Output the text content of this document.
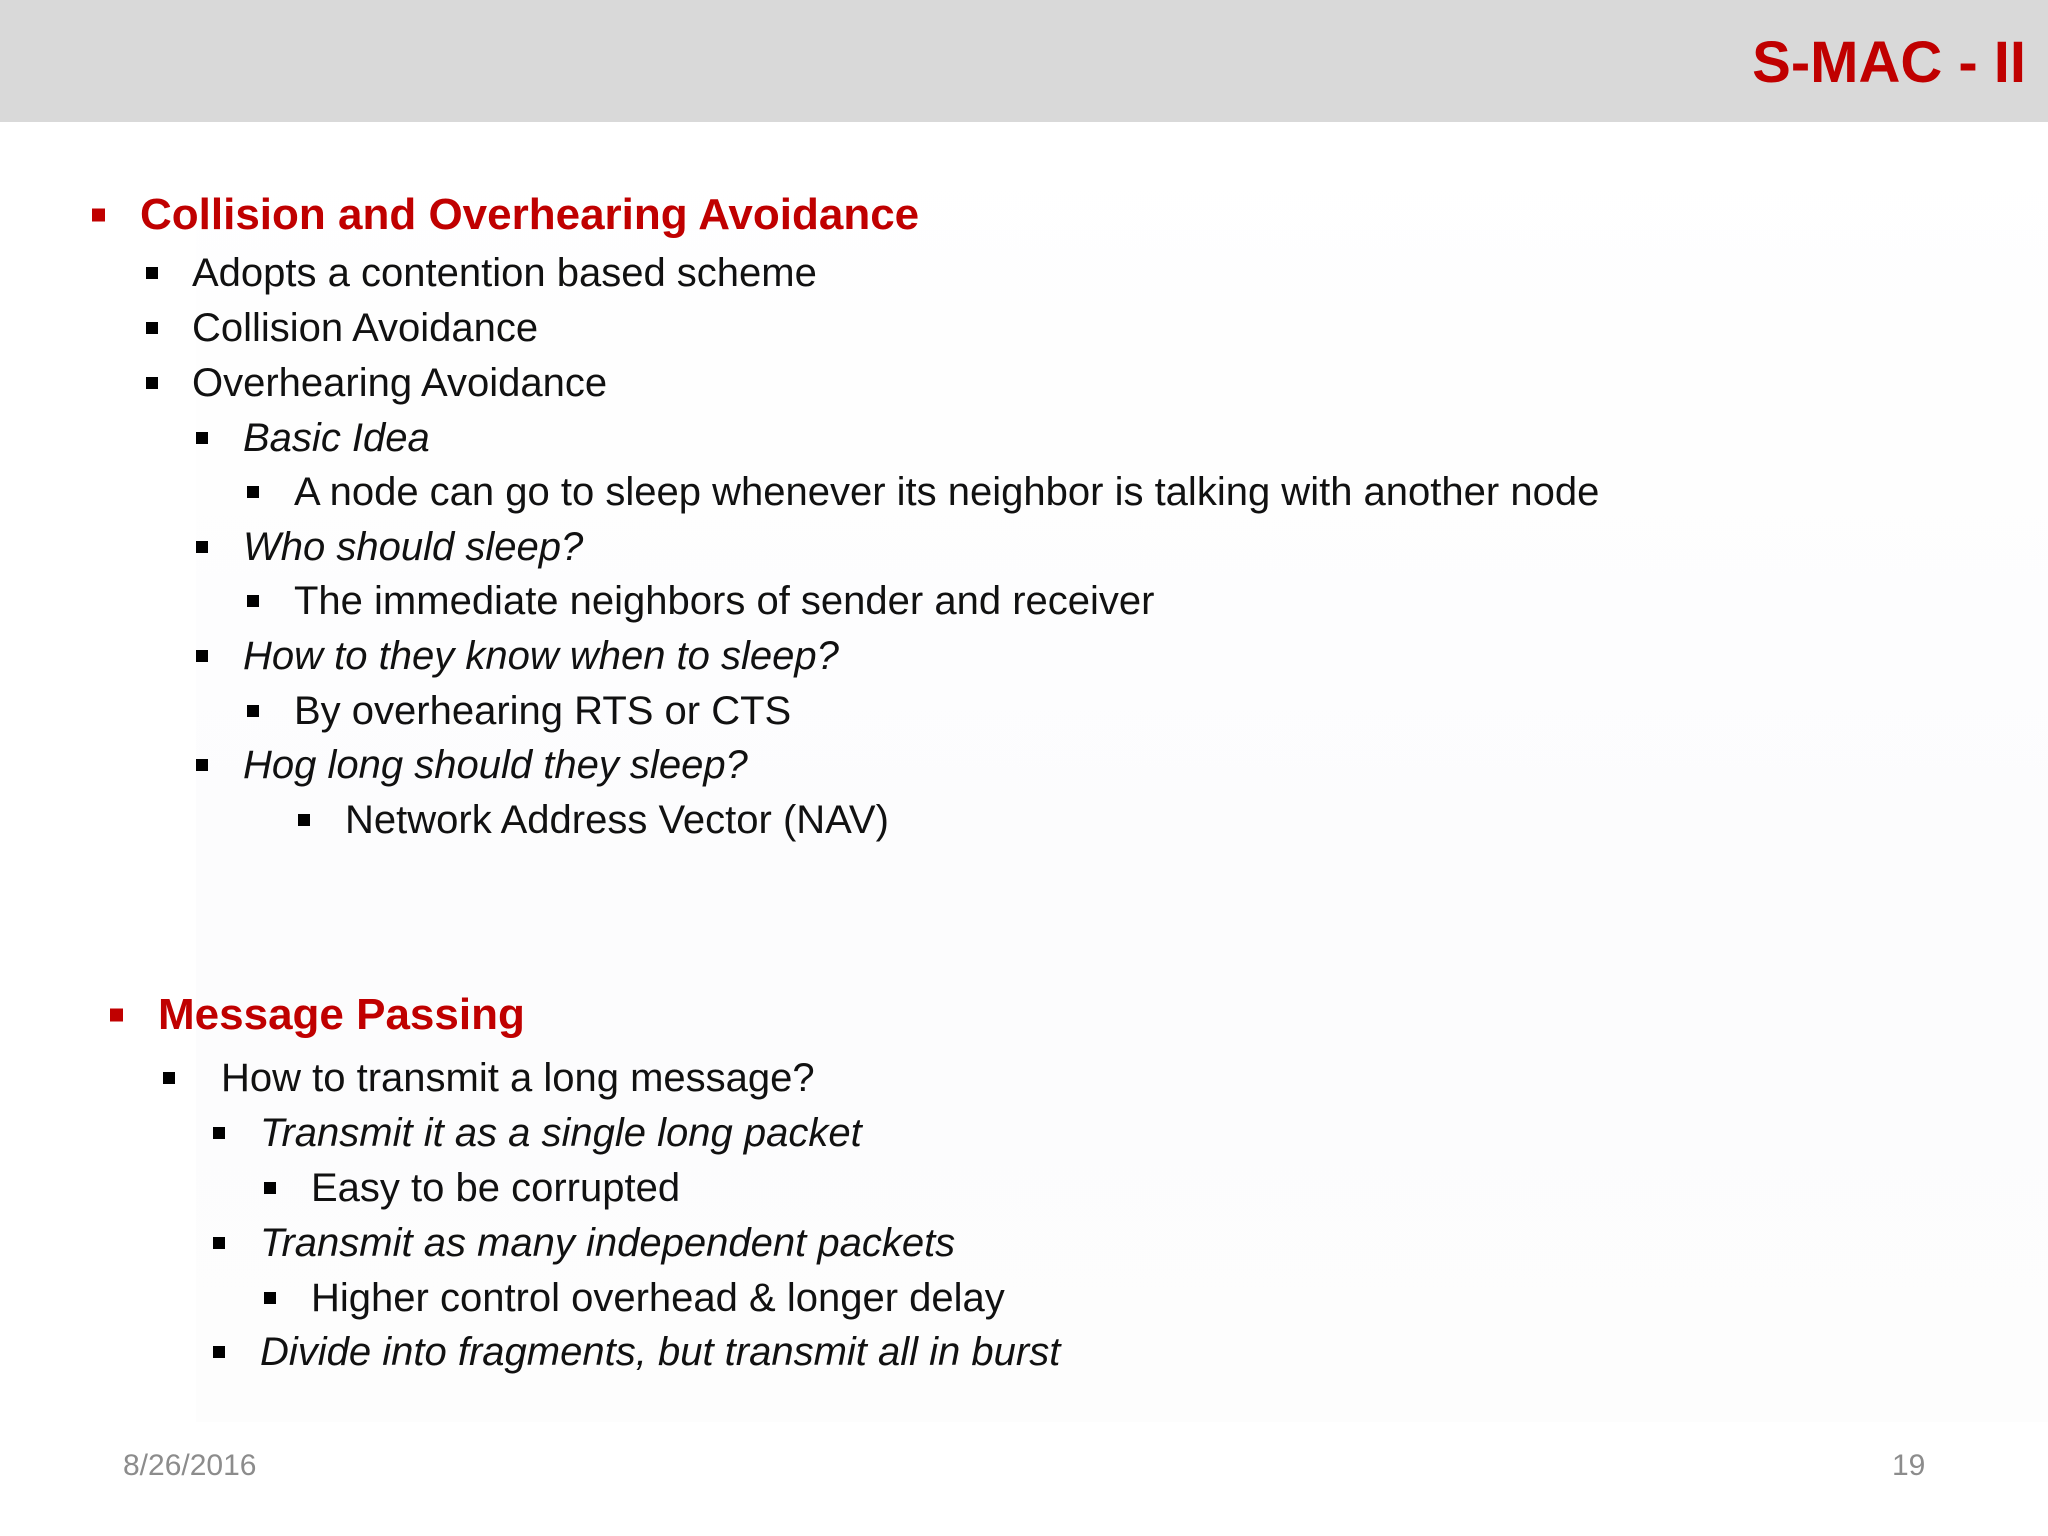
S-MAC - II
Collision and Overhearing Avoidance
Adopts a contention based scheme
Collision Avoidance
Overhearing Avoidance
Basic Idea
A node can go to sleep whenever its neighbor is talking with another node
Who should sleep?
The immediate neighbors of sender and receiver
How to they know when to sleep?
By overhearing RTS or CTS
Hog long should they sleep?
Network Address Vector (NAV)
Message Passing
How to transmit a long message?
Transmit it as a single long packet
Easy to be corrupted
Transmit as many independent packets
Higher control overhead & longer delay
Divide into fragments, but transmit all in burst
8/26/2016	19
